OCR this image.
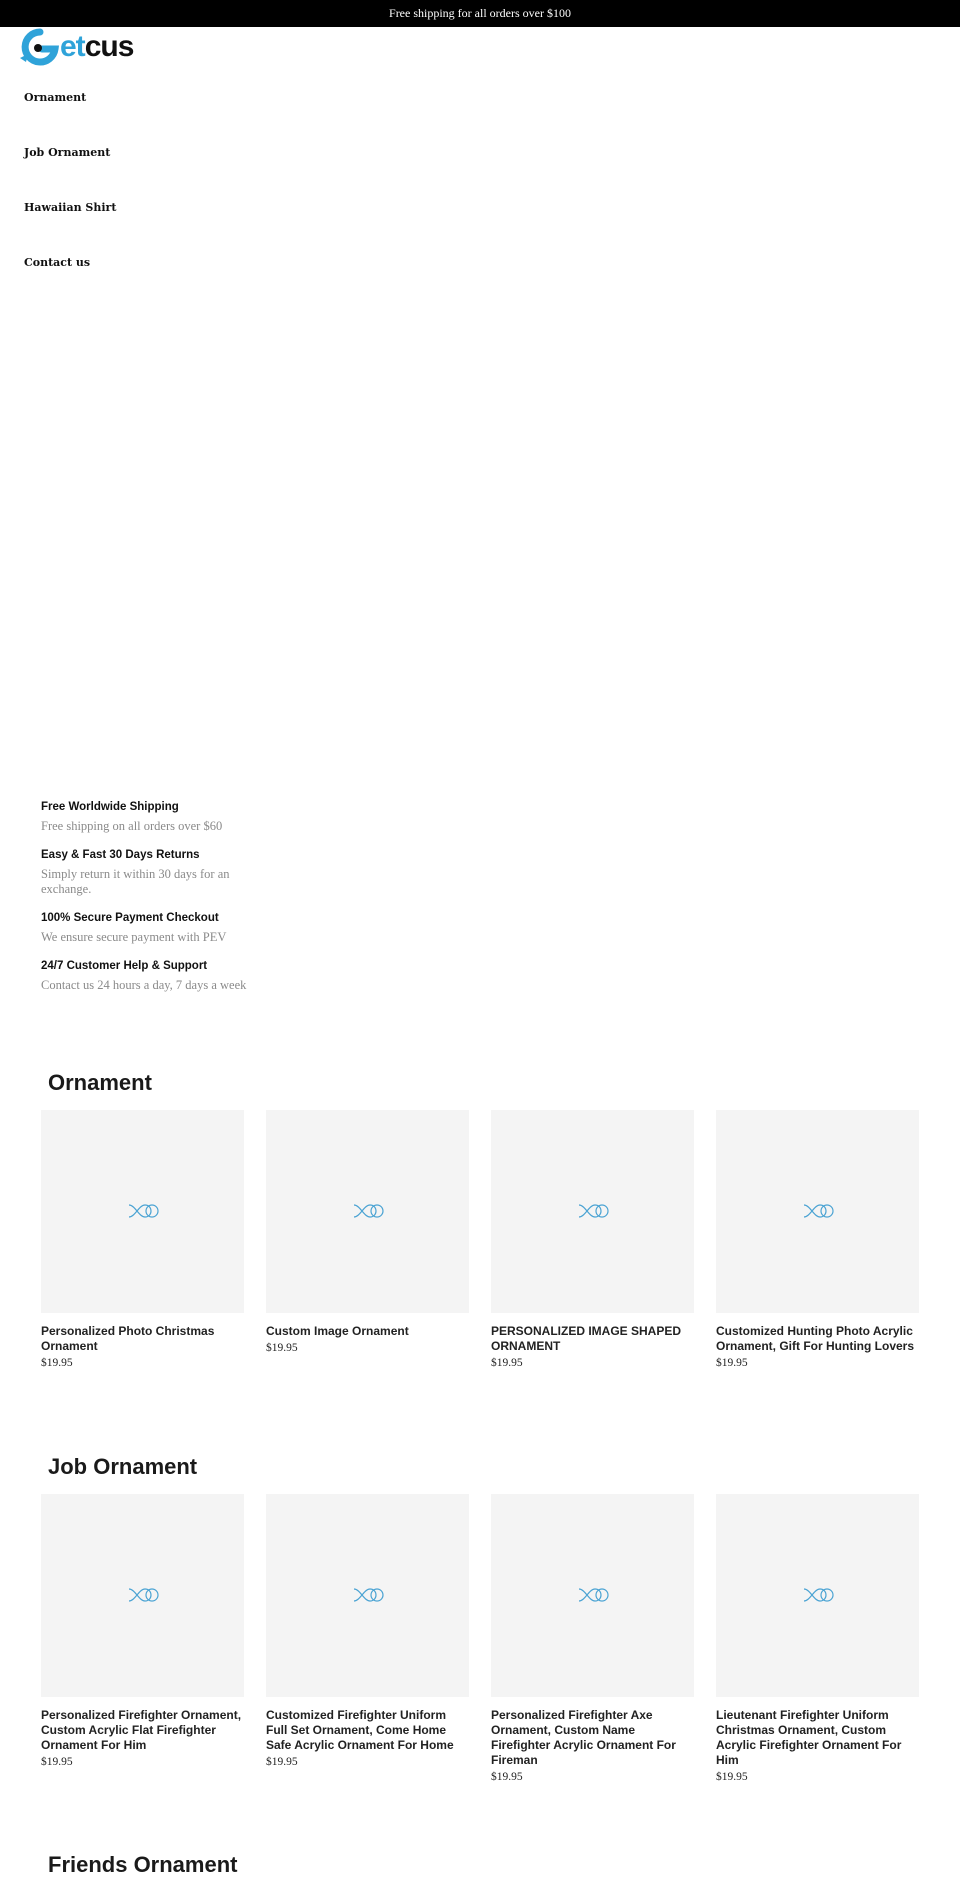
Free shipping for all orders over $100
etcus
Ornament
Job Ornament
Hawaiian Shirt
Contact us
Free Worldwide Shipping

Free shipping on all orders over $60

Easy & Fast 30 Days Returns

Simply return it within 30 days for an exchange.

100% Secure Payment Checkout

We ensure secure payment with PEV

24/7 Customer Help & Support

Contact us 24 hours a day, 7 days a week

Ornament
Personalized Photo Christmas Ornament
$19.95
Custom Image Ornament
$19.95
PERSONALIZED IMAGE SHAPED ORNAMENT
$19.95
Customized Hunting Photo Acrylic Ornament, Gift For Hunting Lovers
$19.95
Job Ornament
Personalized Firefighter Ornament, Custom Acrylic Flat Firefighter Ornament For Him
$19.95
Customized Firefighter Uniform Full Set Ornament, Come Home Safe Acrylic Ornament For Home
$19.95
Personalized Firefighter Axe Ornament, Custom Name Firefighter Acrylic Ornament For Fireman
$19.95
Lieutenant Firefighter Uniform Christmas Ornament, Custom Acrylic Firefighter Ornament For Him
$19.95
Friends Ornament
